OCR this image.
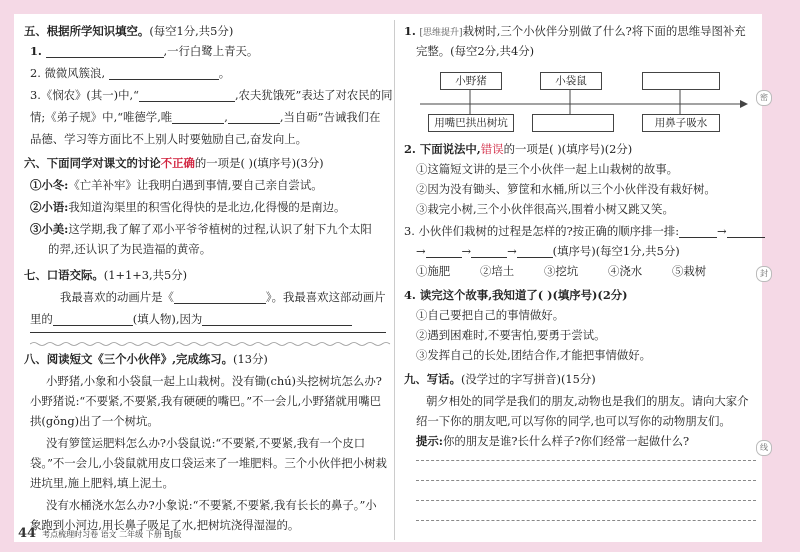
五、根据所学知识填空。(每空1分,共5分)
1.	,一行白鹭上青天。
2. 微微风簇浪,	。
3.《悯农》(其一)中,“	,农夫犹饿死”表达了对农民的同
情;《弟子规》中,“唯德学,唯	,	,当自砺”告诫我们在
品德、学习等方面比不上别人时要勉励自己,奋发向上。
六、下面同学对课文的讨论不正确的一项是( )(填序号)(3分)
①小冬:《亡羊补牢》让我明白遇到事情,要自己亲自尝试。
②小语:我知道沟渠里的积雪化得快的是北边,化得慢的是南边。
③小美:这学期,我了解了邓小平爷爷植树的过程,认识了射下九个太阳
的羿,还认识了为民造福的黄帝。
七、口语交际。(1+1+3,共5分)
我最喜欢的动画片是《	》。我最喜欢这部动画片
里的	(填人物),因为
八、阅读短文《三个小伙伴》,完成练习。(13分)
小野猪,小象和小袋鼠一起上山栽树。没有锄(chú)头挖树坑怎么办?
小野猪说:“不要紧,不要紧,我有硬硬的嘴巴。”不一会儿,小野猪就用嘴巴
拱(gǒng)出了一个树坑。
没有箩筐运肥料怎么办?小袋鼠说:“不要紧,不要紧,我有一个皮口
袋。”不一会儿,小袋鼠就用皮口袋运来了一堆肥料。三个小伙伴把小树栽
进坑里,施上肥料,填上泥土。
没有水桶浇水怎么办?小象说:“不要紧,不要紧,我有长长的鼻子。”小
象跑到小河边,用长鼻子吸足了水,把树坑浇得湿湿的。
1. [思维提升]栽树时,三个小伙伴分别做了什么?将下面的思维导图补充
完整。(每空2分,共4分)
小野猪	小袋鼠
用嘴巴拱出树坑	用鼻子吸水
2. 下面说法中,错误的一项是( )(填序号)(2分)
①这篇短文讲的是三个小伙伴一起上山栽树的故事。
②因为没有锄头、箩筐和水桶,所以三个小伙伴没有栽好树。
③栽完小树,三个小伙伴很高兴,围着小树又跳又笑。
3. 小伙伴们栽树的过程是怎样的?按正确的顺序排一排:	→
→	→	→	(填序号)(每空1分,共5分)
①施肥	②培土	③挖坑	④浇水	⑤栽树
4. 读完这个故事,我知道了( )(填序号)(2分)
①自己要把自己的事情做好。
②遇到困难时,不要害怕,要勇于尝试。
③发挥自己的长处,团结合作,才能把事情做好。
九、写话。(没学过的字写拼音)(15分)
朝夕相处的同学是我们的朋友,动物也是我们的朋友。请向大家介
绍一下你的朋友吧,可以写你的同学,也可以写你的动物朋友们。
提示:你的朋友是谁?长什么样子?你们经常一起做什么?
44 考点梳理时习卷 语文 二年级 下册 BJ版
密
封
线
